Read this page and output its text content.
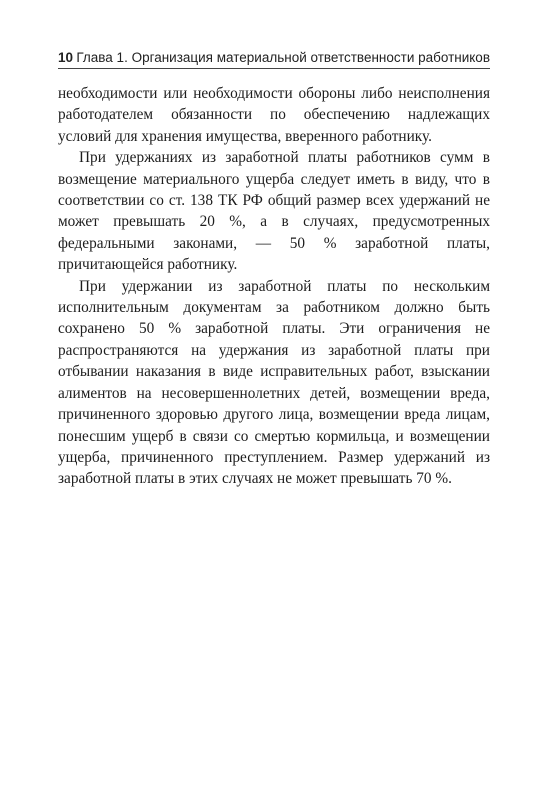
10 Глава 1. Организация материальной ответственности работников

необходимости или необходимости обороны либо неисполнения работодателем обязанности по обеспечению надлежащих условий для хранения имущества, вверенного работнику.

При удержаниях из заработной платы работников сумм в возмещение материального ущерба следует иметь в виду, что в соответствии со ст. 138 ТК РФ общий размер всех удержаний не может превышать 20 %, а в случаях, предусмотренных федеральными законами, — 50 % заработной платы, причитающейся работнику.

При удержании из заработной платы по нескольким исполнительным документам за работником должно быть сохранено 50 % заработной платы. Эти ограничения не распространяются на удержания из заработной платы при отбывании наказания в виде исправительных работ, взыскании алиментов на несовершеннолетних детей, возмещении вреда, причиненного здоровью другого лица, возмещении вреда лицам, понесшим ущерб в связи со смертью кормильца, и возмещении ущерба, причиненного преступлением. Размер удержаний из заработной платы в этих случаях не может превышать 70 %.
